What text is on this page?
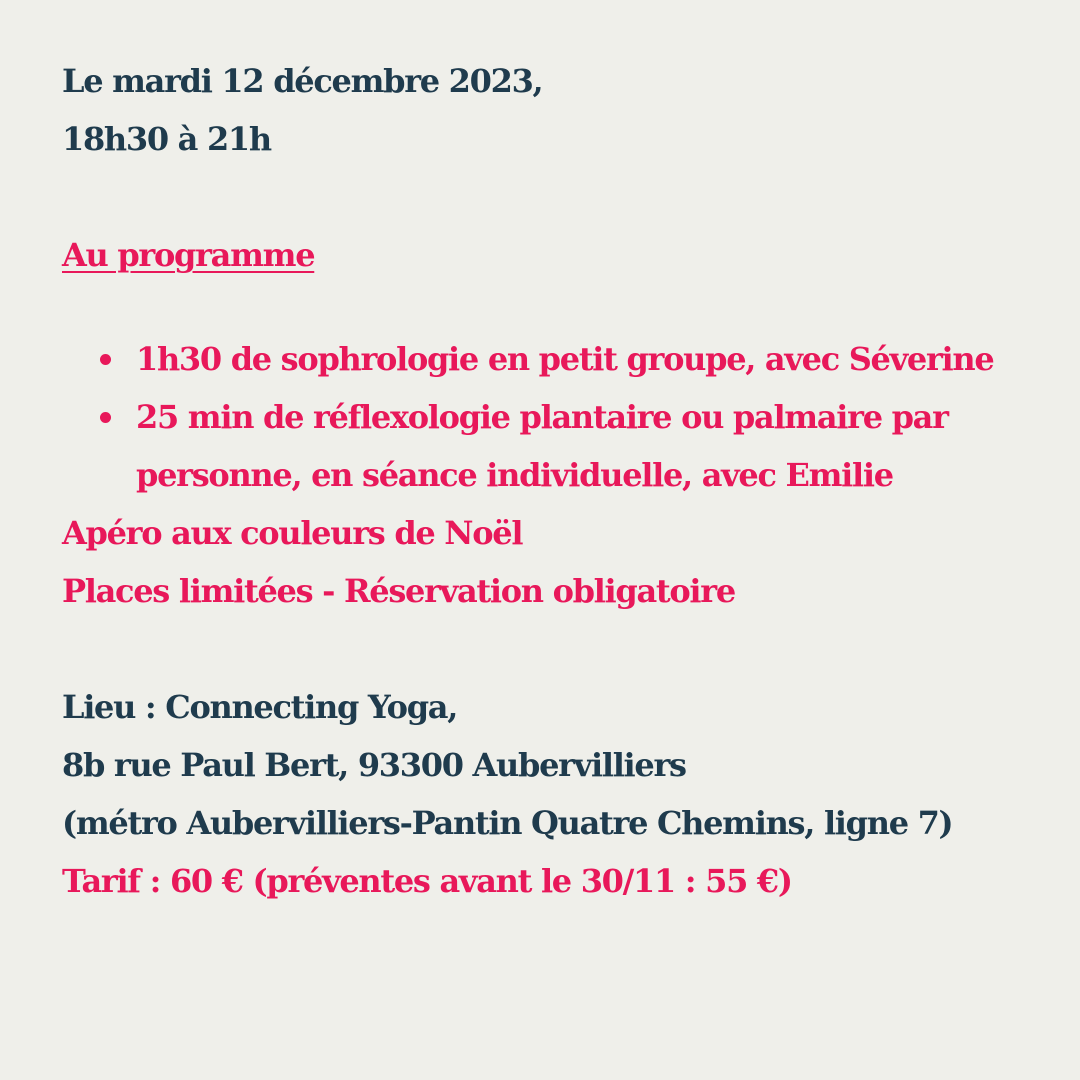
Le mardi 12 décembre 2023,
18h30 à 21h
Au programme
1h30 de sophrologie en petit groupe, avec Séverine
25 min de réflexologie plantaire ou palmaire par personne, en séance individuelle, avec Emilie
Apéro aux couleurs de Noël
Places limitées - Réservation obligatoire
Lieu : Connecting Yoga,
8b rue Paul Bert, 93300 Aubervilliers
(métro Aubervilliers-Pantin Quatre Chemins, ligne 7)
Tarif : 60 € (préventes avant le 30/11 : 55 €)
